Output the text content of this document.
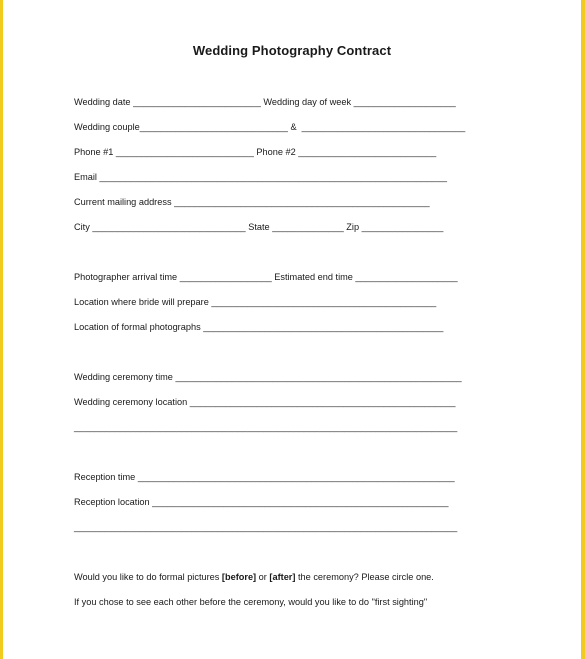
Wedding Photography Contract
Wedding date _________________________ Wedding day of week ____________________
Wedding couple_____________________________ &  ________________________________
Phone #1 ___________________________ Phone #2 ___________________________
Email ____________________________________________________________________
Current mailing address __________________________________________________
City ______________________________ State ______________ Zip ________________
Photographer arrival time __________________ Estimated end time ____________________
Location where bride will prepare ____________________________________________
Location of formal photographs _______________________________________________
Wedding ceremony time ________________________________________________________
Wedding ceremony location ____________________________________________________
___________________________________________________________________________
Reception time ______________________________________________________________
Reception location __________________________________________________________
___________________________________________________________________________
Would you like to do formal pictures [before] or [after] the ceremony? Please circle one.
If you chose to see each other before the ceremony, would you like to do "first sighting"
